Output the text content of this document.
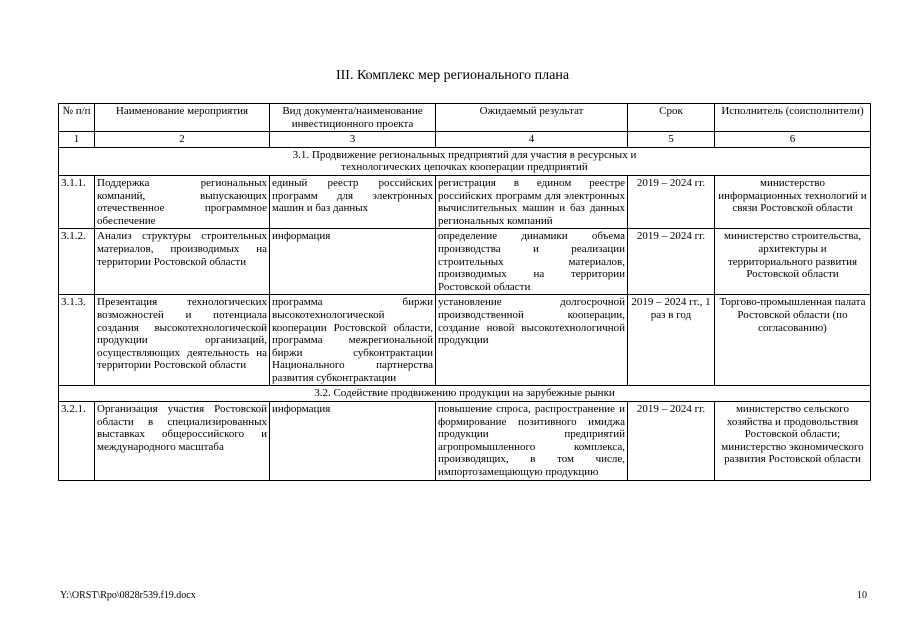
III. Комплекс мер регионального плана
№ п/п	Наименование мероприятия	Вид документа/наименование инвестиционного проекта	Ожидаемый результат	Срок	Исполнитель (соисполнители)
1	2	3	4	5	6
3.1. Продвижение региональных предприятий для участия в ресурсных и технологических цепочках кооперации предприятий					
3.1.1.	Поддержка региональных компаний, выпускающих отечественное программное обеспечение	единый реестр российских программ для электронных машин и баз данных	регистрация в едином реестре российских программ для электронных вычислительных машин и баз данных региональных компаний	2019 – 2024 гг.	министерство информационных технологий и связи Ростовской области
3.1.2.	Анализ структуры строительных материалов, производимых на территории Ростовской области	информация	определение динамики объема производства и реализации строительных материалов, производимых на территории Ростовской области	2019 – 2024 гг.	министерство строительства, архитектуры и территориального развития Ростовской области
3.1.3.	Презентация технологических возможностей и потенциала создания высокотехнологической продукции организаций, осуществляющих деятельность на территории Ростовской области	программа биржи высокотехнологической кооперации Ростовской области, программа межрегиональной биржи субконтрактации Национального партнерства развития субконтрактации	установление долгосрочной производственной кооперации, создание новой высокотехнологичной продукции	2019 – 2024 гг., 1 раз в год	Торгово-промышленная палата Ростовской области (по согласованию)
3.2. Содействие продвижению продукции на зарубежные рынки					
3.2.1.	Организация участия Ростовской области в специализированных выставках общероссийского и международного масштаба	информация	повышение спроса, распространение и формирование позитивного имиджа продукции предприятий агропромышленного комплекса, производящих, в том числе, импортозамещающую продукцию	2019 – 2024 гг.	министерство сельского хозяйства и продовольствия Ростовской области; министерство экономического развития Ростовской области
Y:\ORST\Rpo\0828r539.f19.docx	10
